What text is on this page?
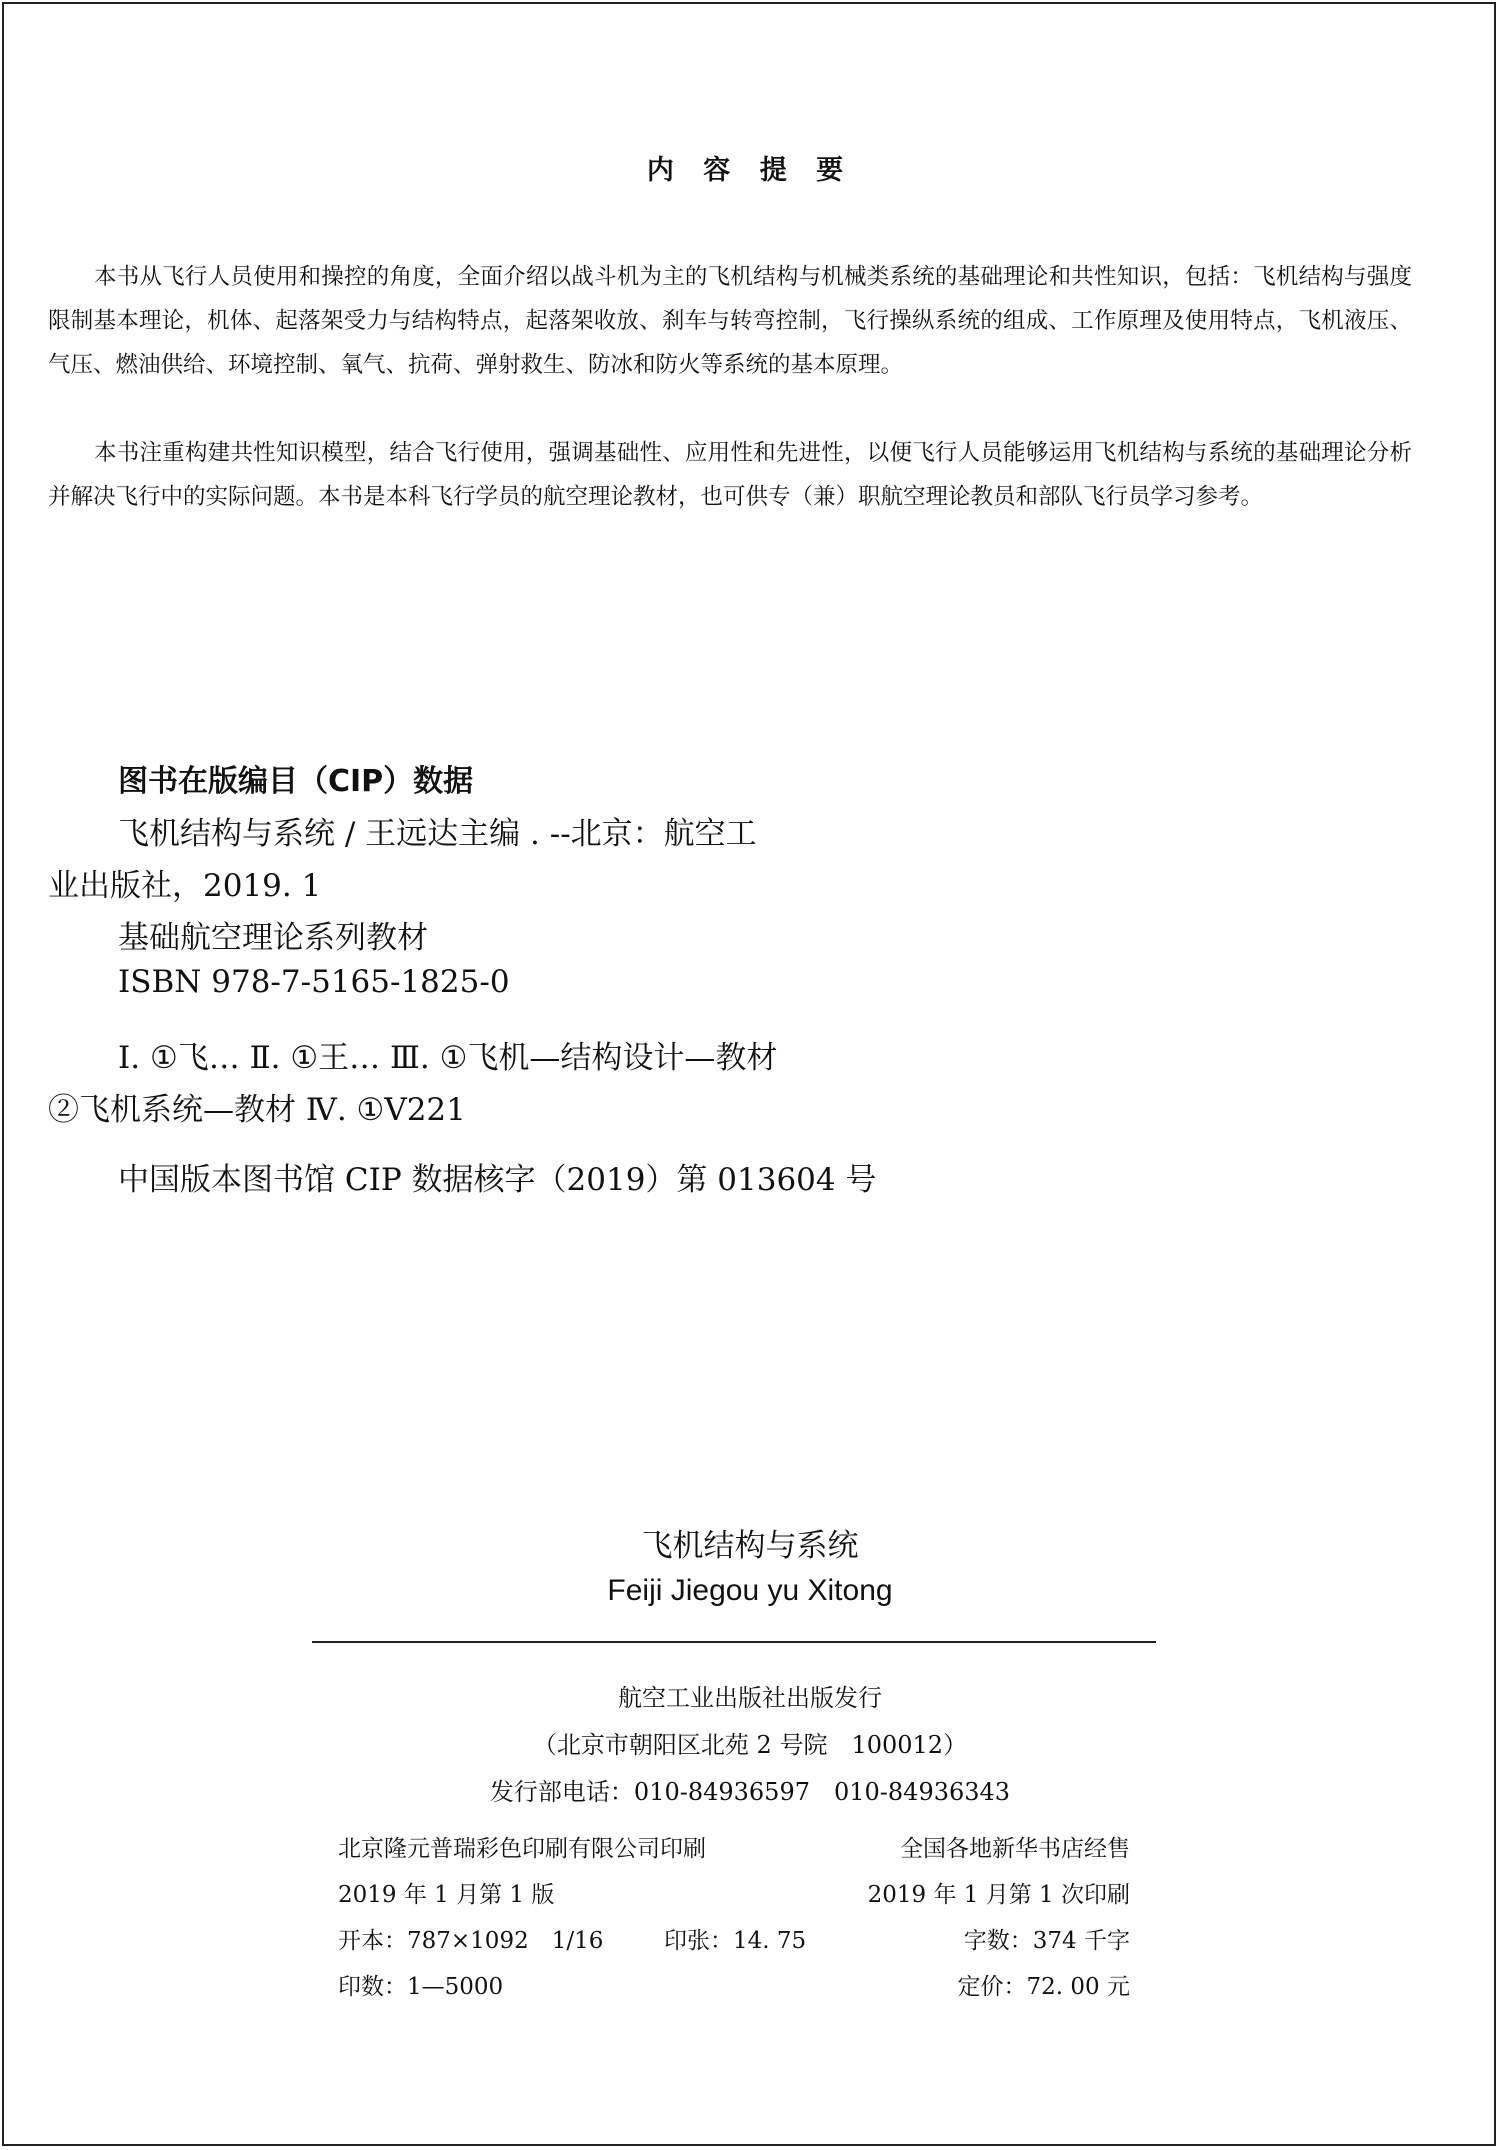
内 容 提 要

本书从飞行人员使用和操控的角度，全面介绍以战斗机为主的飞机结构与机械类系统的基础理论和共性知识，包括：飞机结构与强度限制基本理论，机体、起落架受力与结构特点，起落架收放、刹车与转弯控制，飞行操纵系统的组成、工作原理及使用特点，飞机液压、气压、燃油供给、环境控制、氧气、抗荷、弹射救生、防冰和防火等系统的基本原理。

本书注重构建共性知识模型，结合飞行使用，强调基础性、应用性和先进性，以便飞行人员能够运用飞机结构与系统的基础理论分析并解决飞行中的实际问题。本书是本科飞行学员的航空理论教材，也可供专（兼）职航空理论教员和部队飞行员学习参考。

图书在版编目（CIP）数据
飞机结构与系统 / 王远达主编 . --北京：航空工
业出版社，2019. 1
基础航空理论系列教材
ISBN 978-7-5165-1825-0
Ⅰ. ①飞… Ⅱ. ①王… Ⅲ. ①飞机—结构设计—教材
②飞机系统—教材 Ⅳ. ①V221
中国版本图书馆 CIP 数据核字（2019）第 013604 号
飞机结构与系统
Feiji Jiegou yu Xitong
航空工业出版社出版发行
（北京市朝阳区北苑 2 号院　100012）
发行部电话：010-84936597　010-84936343
北京隆元普瑞彩色印刷有限公司印刷	全国各地新华书店经售
2019 年 1 月第 1 版	2019 年 1 月第 1 次印刷
开本：787×1092　1/16	印张：14. 75	字数：374 千字
印数：1—5000	定价：72. 00 元
